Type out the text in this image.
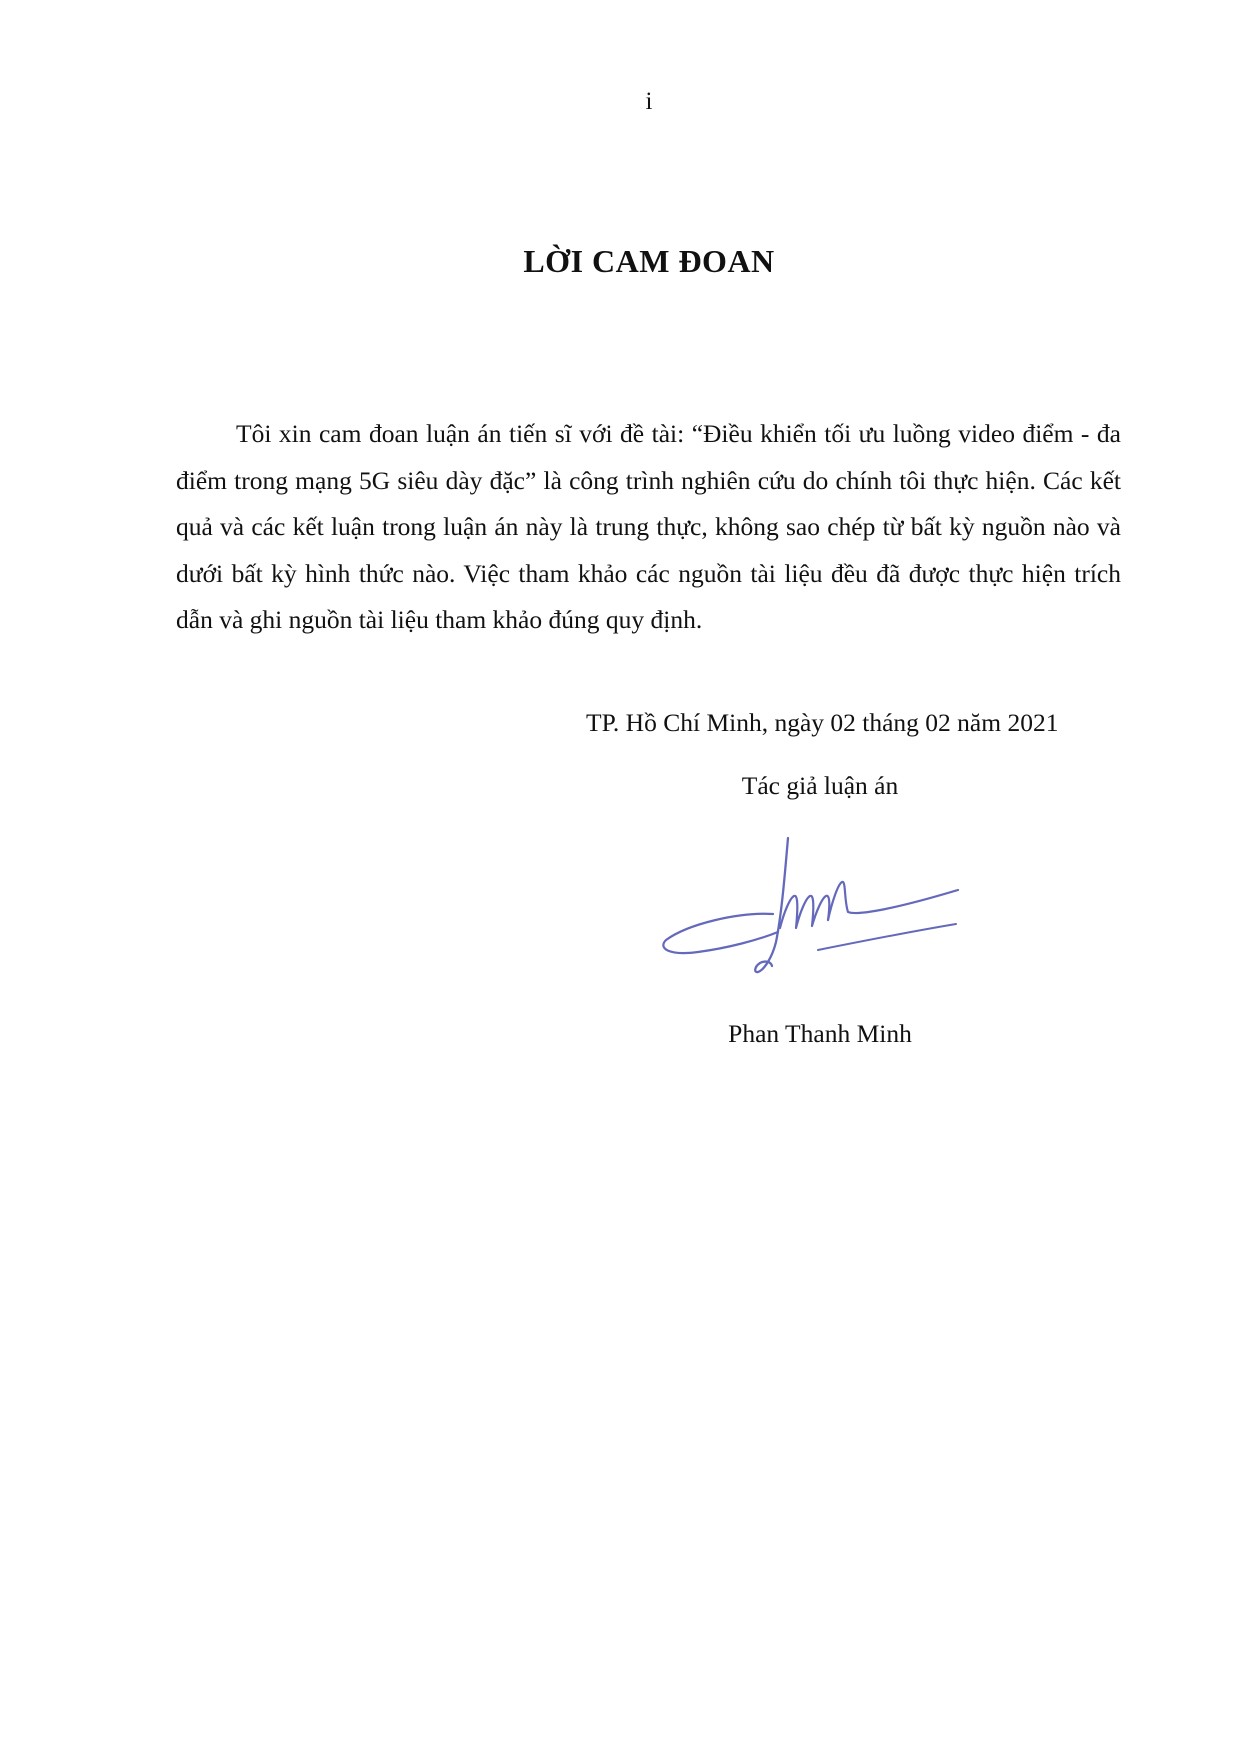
i
LỜI CAM ĐOAN

Tôi xin cam đoan luận án tiến sĩ với đề tài: “Điều khiển tối ưu luồng video điểm - đa điểm trong mạng 5G siêu dày đặc” là công trình nghiên cứu do chính tôi thực hiện. Các kết quả và các kết luận trong luận án này là trung thực, không sao chép từ bất kỳ nguồn nào và dưới bất kỳ hình thức nào. Việc tham khảo các nguồn tài liệu đều đã được thực hiện trích dẫn và ghi nguồn tài liệu tham khảo đúng quy định.

TP. Hồ Chí Minh, ngày 02 tháng 02 năm 2021
Tác giả luận án
Phan Thanh Minh
